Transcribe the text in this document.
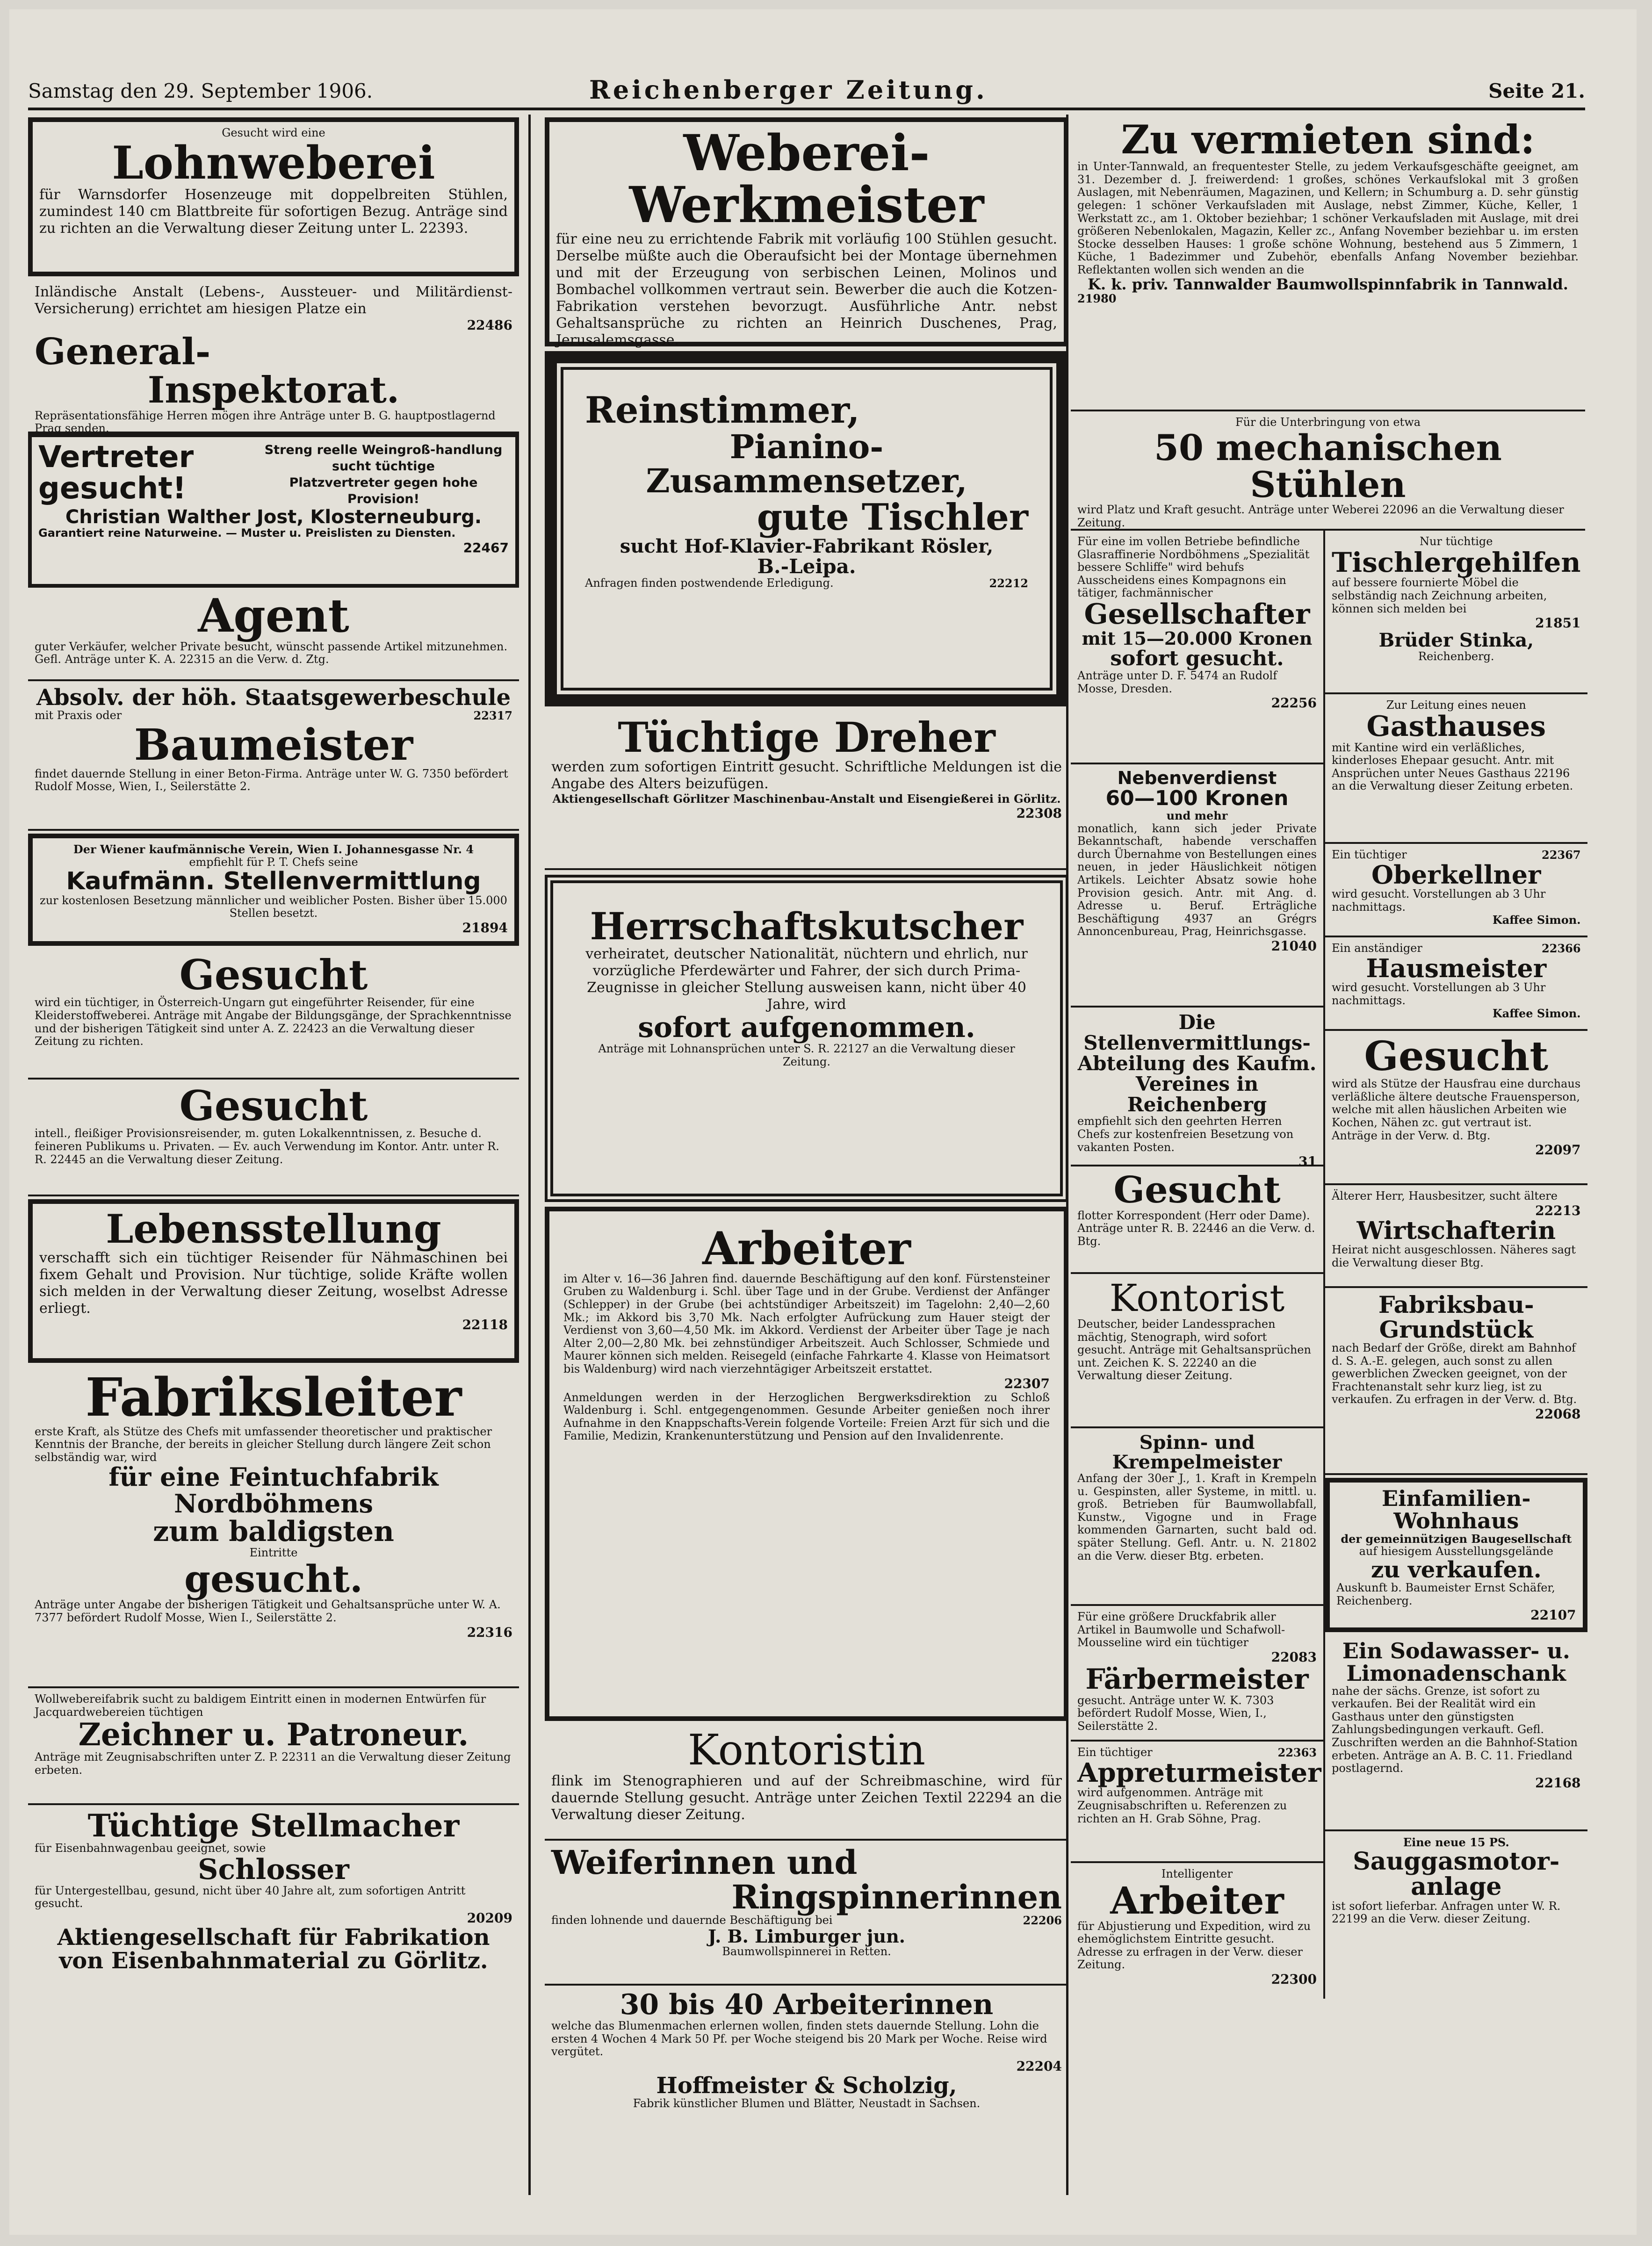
Samstag den 29. September 1906.	Reichenberger Zeitung.	Seite 21.
Gesucht wird eine
Lohnweberei
für Warnsdorfer Hosenzeuge mit doppelbreiten Stühlen, zumindest 140 cm Blattbreite für sofortigen Bezug. Anträge sind zu richten an die Verwaltung dieser Zeitung unter L. 22393.
Inländische Anstalt (Lebens-, Aussteuer- und Militärdienst-Versicherung) errichtet am hiesigen Platze ein
22486
General-
Inspektorat.
Repräsentationsfähige Herren mögen ihre Anträge unter B. G. hauptpostlagernd Prag senden.
Vertreter gesucht!
Streng reelle Weingroß-handlung sucht tüchtige
Platzvertreter gegen hohe
Provision!
Christian Walther Jost, Klosterneuburg.
Garantiert reine Naturweine. — Muster u. Preislisten zu Diensten.
22467
Agent
guter Verkäufer, welcher Private besucht, wünscht passende Artikel mitzunehmen. Gefl. Anträge unter K. A. 22315 an die Verw. d. Ztg.
Absolv. der höh. Staatsgewerbeschule
mit Praxis oder	22317
Baumeister
findet dauernde Stellung in einer Beton-Firma. Anträge unter W. G. 7350 befördert Rudolf Mosse, Wien, I., Seilerstätte 2.
Der Wiener kaufmännische Verein, Wien I. Johannesgasse Nr. 4
empfiehlt für P. T. Chefs seine
Kaufmänn. Stellenvermittlung
zur kostenlosen Besetzung männlicher und weiblicher Posten. Bisher über 15.000 Stellen besetzt.
21894
Gesucht
wird ein tüchtiger, in Österreich-Ungarn gut eingeführter Reisender, für eine Kleiderstoffweberei. Anträge mit Angabe der Bildungsgänge, der Sprachkenntnisse und der bisherigen Tätigkeit sind unter A. Z. 22423 an die Verwaltung dieser Zeitung zu richten.
Gesucht
intell., fleißiger Provisionsreisender, m. guten Lokalkenntnissen, z. Besuche d. feineren Publikums u. Privaten. — Ev. auch Verwendung im Kontor. Antr. unter R. R. 22445 an die Verwaltung dieser Zeitung.
Lebensstellung
verschafft sich ein tüchtiger Reisender für Nähmaschinen bei fixem Gehalt und Provision. Nur tüchtige, solide Kräfte wollen sich melden in der Verwaltung dieser Zeitung, woselbst Adresse erliegt.
22118
Fabriksleiter
erste Kraft, als Stütze des Chefs mit umfassender theoretischer und praktischer Kenntnis der Branche, der bereits in gleicher Stellung durch längere Zeit schon selbständig war, wird
für eine Feintuchfabrik Nordböhmens
zum baldigsten
Eintritte
gesucht.
Anträge unter Angabe der bisherigen Tätigkeit und Gehaltsansprüche unter W. A. 7377 befördert Rudolf Mosse, Wien I., Seilerstätte 2.
22316
Wollwebereifabrik sucht zu baldigem Eintritt einen in modernen Entwürfen für Jacquardwebereien tüchtigen
Zeichner u. Patroneur.
Anträge mit Zeugnisabschriften unter Z. P. 22311 an die Verwaltung dieser Zeitung erbeten.
Tüchtige Stellmacher
für Eisenbahnwagenbau geeignet, sowie
Schlosser
für Untergestellbau, gesund, nicht über 40 Jahre alt, zum sofortigen Antritt gesucht.
20209
Aktiengesellschaft für Fabrikation von Eisenbahnmaterial zu Görlitz.
Weberei-Werkmeister
für eine neu zu errichtende Fabrik mit vorläufig 100 Stühlen gesucht. Derselbe müßte auch die Oberaufsicht bei der Montage übernehmen und mit der Erzeugung von serbischen Leinen, Molinos und Bombachel vollkommen vertraut sein. Bewerber die auch die Kotzen-Fabrikation verstehen bevorzugt. Ausführliche Antr. nebst Gehaltsansprüche zu richten an Heinrich Duschenes, Prag, Jerusalemsgasse.
22241
Reinstimmer,
Pianino-Zusammensetzer,
gute Tischler
sucht Hof-Klavier-Fabrikant Rösler,
B.-Leipa.
Anfragen finden postwendende Erledigung.	22212
Tüchtige Dreher
werden zum sofortigen Eintritt gesucht. Schriftliche Meldungen ist die Angabe des Alters beizufügen.
Aktiengesellschaft Görlitzer Maschinenbau-Anstalt und Eisengießerei in Görlitz.
22308
Herrschaftskutscher
verheiratet, deutscher Nationalität, nüchtern und ehrlich, nur vorzügliche Pferdewärter und Fahrer, der sich durch Prima-Zeugnisse in gleicher Stellung ausweisen kann, nicht über 40 Jahre, wird
sofort aufgenommen.
Anträge mit Lohnansprüchen unter S. R. 22127 an die Verwaltung dieser Zeitung.
Arbeiter
im Alter v. 16—36 Jahren find. dauernde Beschäftigung auf den konf. Fürstensteiner Gruben zu Waldenburg i. Schl. über Tage und in der Grube. Verdienst der Anfänger (Schlepper) in der Grube (bei achtstündiger Arbeitszeit) im Tagelohn: 2,40—2,60 Mk.; im Akkord bis 3,70 Mk. Nach erfolgter Aufrückung zum Hauer steigt der Verdienst von 3,60—4,50 Mk. im Akkord. Verdienst der Arbeiter über Tage je nach Alter 2,00—2,80 Mk. bei zehnstündiger Arbeitszeit. Auch Schlosser, Schmiede und Maurer können sich melden. Reisegeld (einfache Fahrkarte 4. Klasse von Heimatsort bis Waldenburg) wird nach vierzehntägiger Arbeitszeit erstattet.
22307
Anmeldungen werden in der Herzoglichen Bergwerksdirektion zu Schloß Waldenburg i. Schl. entgegengenommen. Gesunde Arbeiter genießen noch ihrer Aufnahme in den Knappschafts-Verein folgende Vorteile: Freien Arzt für sich und die Familie, Medizin, Krankenunterstützung und Pension auf den Invalidenrente.
Kontoristin
flink im Stenographieren und auf der Schreibmaschine, wird für dauernde Stellung gesucht. Anträge unter Zeichen Textil 22294 an die Verwaltung dieser Zeitung.
Weiferinnen und
Ringspinnerinnen
finden lohnende und dauernde Beschäftigung bei	22206
J. B. Limburger jun.
Baumwollspinnerei in Retten.
30 bis 40 Arbeiterinnen
welche das Blumenmachen erlernen wollen, finden stets dauernde Stellung. Lohn die ersten 4 Wochen 4 Mark 50 Pf. per Woche steigend bis 20 Mark per Woche. Reise wird vergütet.
22204
Hoffmeister & Scholzig,
Fabrik künstlicher Blumen und Blätter, Neustadt in Sachsen.
Zu vermieten sind:
in Unter-Tannwald, an frequentester Stelle, zu jedem Verkaufsgeschäfte geeignet, am 31. Dezember d. J. freiwerdend: 1 großes, schönes Verkaufslokal mit 3 großen Auslagen, mit Nebenräumen, Magazinen, und Kellern; in Schumburg a. D. sehr günstig gelegen: 1 schöner Verkaufsladen mit Auslage, nebst Zimmer, Küche, Keller, 1 Werkstatt zc., am 1. Oktober beziehbar; 1 schöner Verkaufsladen mit Auslage, mit drei größeren Nebenlokalen, Magazin, Keller zc., Anfang November beziehbar u. im ersten Stocke desselben Hauses: 1 große schöne Wohnung, bestehend aus 5 Zimmern, 1 Küche, 1 Badezimmer und Zubehör, ebenfalls Anfang November beziehbar. Reflektanten wollen sich wenden an die
K. k. priv. Tannwalder Baumwollspinnfabrik in Tannwald.
21980
Für die Unterbringung von etwa
50 mechanischen Stühlen
wird Platz und Kraft gesucht. Anträge unter Weberei 22096 an die Verwaltung dieser Zeitung.
Für eine im vollen Betriebe befindliche Glasraffinerie Nordböhmens „Spezialität bessere Schliffe" wird behufs Ausscheidens eines Kompagnons ein tätiger, fachmännischer
Gesellschafter
mit 15—20.000 Kronen
sofort gesucht.
Anträge unter D. F. 5474 an Rudolf Mosse, Dresden.
22256
Nebenverdienst
60—100 Kronen
und mehr
monatlich, kann sich jeder Private Bekanntschaft, habende verschaffen durch Übernahme von Bestellungen eines neuen, in jeder Häuslichkeit nötigen Artikels. Leichter Absatz sowie hohe Provision gesich. Antr. mit Ang. d. Adresse u. Beruf. Erträgliche Beschäftigung 4937 an Grégrs Annoncenbureau, Prag, Heinrichsgasse.
21040
Die Stellenvermittlungs-Abteilung des Kaufm. Vereines in Reichenberg
empfiehlt sich den geehrten Herren Chefs zur kostenfreien Besetzung von vakanten Posten.
31
Gesucht
flotter Korrespondent (Herr oder Dame). Anträge unter R. B. 22446 an die Verw. d. Btg.
Kontorist
Deutscher, beider Landessprachen mächtig, Stenograph, wird sofort gesucht. Anträge mit Gehaltsansprüchen unt. Zeichen K. S. 22240 an die Verwaltung dieser Zeitung.
Spinn- und Krempelmeister
Anfang der 30er J., 1. Kraft in Krempeln u. Gespinsten, aller Systeme, in mittl. u. groß. Betrieben für Baumwollabfall, Kunstw., Vigogne und in Frage kommenden Garnarten, sucht bald od. später Stellung. Gefl. Antr. u. N. 21802 an die Verw. dieser Btg. erbeten.
Für eine größere Druckfabrik aller Artikel in Baumwolle und Schafwoll-Mousseline wird ein tüchtiger
22083
Färbermeister
gesucht. Anträge unter W. K. 7303 befördert Rudolf Mosse, Wien, I., Seilerstätte 2.
Ein tüchtiger	22363
Appreturmeister
wird aufgenommen. Anträge mit Zeugnisabschriften u. Referenzen zu richten an H. Grab Söhne, Prag.
Intelligenter
Arbeiter
für Abjustierung und Expedition, wird zu ehemöglichstem Eintritte gesucht. Adresse zu erfragen in der Verw. dieser Zeitung.
22300
Nur tüchtige
Tischlergehilfen
auf bessere fournierte Möbel die selbständig nach Zeichnung arbeiten, können sich melden bei
21851
Brüder Stinka,
Reichenberg.
Zur Leitung eines neuen
Gasthauses
mit Kantine wird ein verläßliches, kinderloses Ehepaar gesucht. Antr. mit Ansprüchen unter Neues Gasthaus 22196 an die Verwaltung dieser Zeitung erbeten.
Ein tüchtiger	22367
Oberkellner
wird gesucht. Vorstellungen ab 3 Uhr nachmittags.
Kaffee Simon.
Ein anständiger	22366
Hausmeister
wird gesucht. Vorstellungen ab 3 Uhr nachmittags.
Kaffee Simon.
Gesucht
wird als Stütze der Hausfrau eine durchaus verläßliche ältere deutsche Frauensperson, welche mit allen häuslichen Arbeiten wie Kochen, Nähen zc. gut vertraut ist. Anträge in der Verw. d. Btg.
22097
Älterer Herr, Hausbesitzer, sucht ältere
22213
Wirtschafterin
Heirat nicht ausgeschlossen. Näheres sagt die Verwaltung dieser Btg.
Fabriksbau-Grundstück
nach Bedarf der Größe, direkt am Bahnhof d. S. A.-E. gelegen, auch sonst zu allen gewerblichen Zwecken geeignet, von der Frachtenanstalt sehr kurz lieg, ist zu verkaufen. Zu erfragen in der Verw. d. Btg.
22068
Einfamilien-Wohnhaus
der gemeinnützigen Baugesellschaft
auf hiesigem Ausstellungsgelände
zu verkaufen.
Auskunft b. Baumeister Ernst Schäfer, Reichenberg.
22107
Ein Sodawasser- u. Limonadenschank
nahe der sächs. Grenze, ist sofort zu verkaufen. Bei der Realität wird ein Gasthaus unter den günstigsten Zahlungsbedingungen verkauft. Gefl. Zuschriften werden an die Bahnhof-Station erbeten. Anträge an A. B. C. 11. Friedland postlagernd.
22168
Eine neue 15 PS.
Sauggasmotor-anlage
ist sofort lieferbar. Anfragen unter W. R. 22199 an die Verw. dieser Zeitung.
